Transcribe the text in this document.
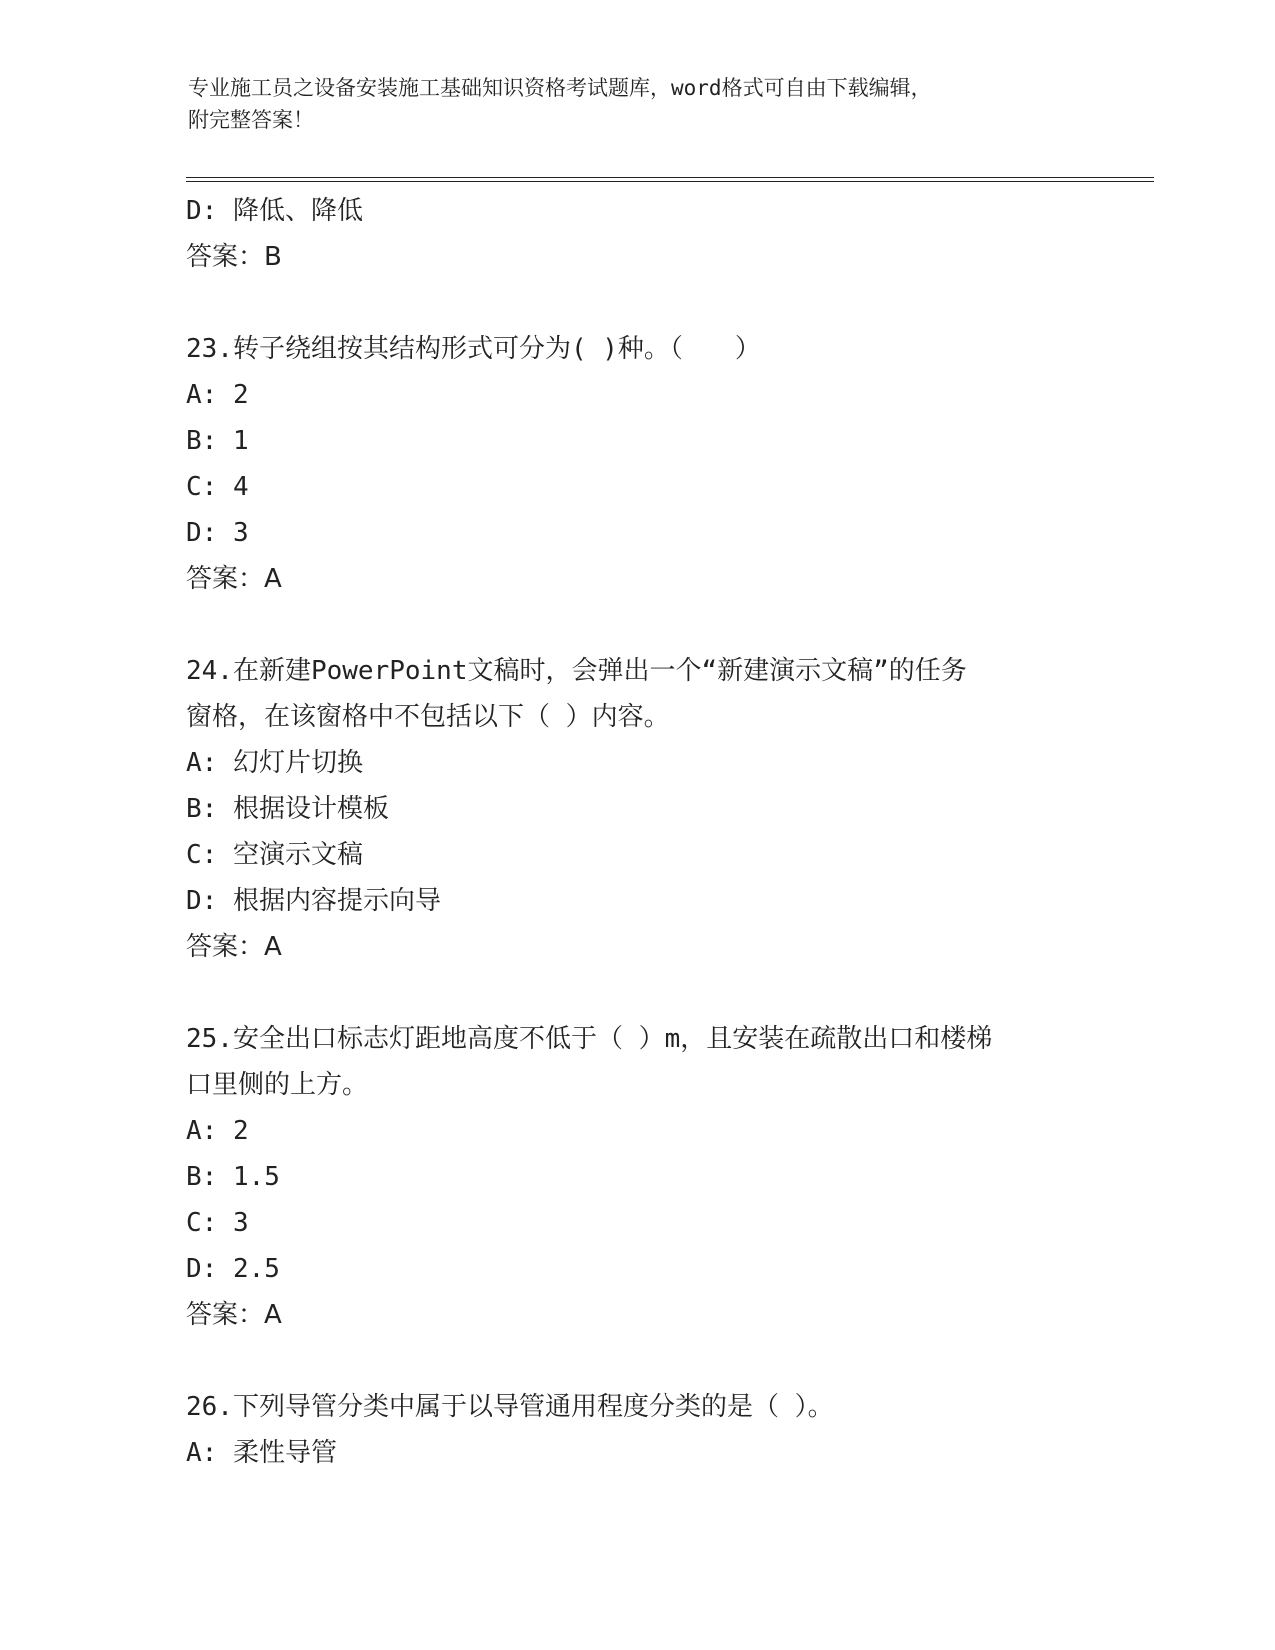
专业施工员之设备安装施工基础知识资格考试题库，word格式可自由下载编辑，
附完整答案！
D: 降低、降低
答案：B
23.转子绕组按其结构形式可分为( )种。（　　）
A: 2
B: 1
C: 4
D: 3
答案：A
24.在新建PowerPoint文稿时，会弹出一个“新建演示文稿”的任务
窗格，在该窗格中不包括以下（ ）内容。
A: 幻灯片切换
B: 根据设计模板
C: 空演示文稿
D: 根据内容提示向导
答案：A
25.安全出口标志灯距地高度不低于（ ）m，且安装在疏散出口和楼梯
口里侧的上方。
A: 2
B: 1.5
C: 3
D: 2.5
答案：A
26.下列导管分类中属于以导管通用程度分类的是（ ）。
A: 柔性导管
